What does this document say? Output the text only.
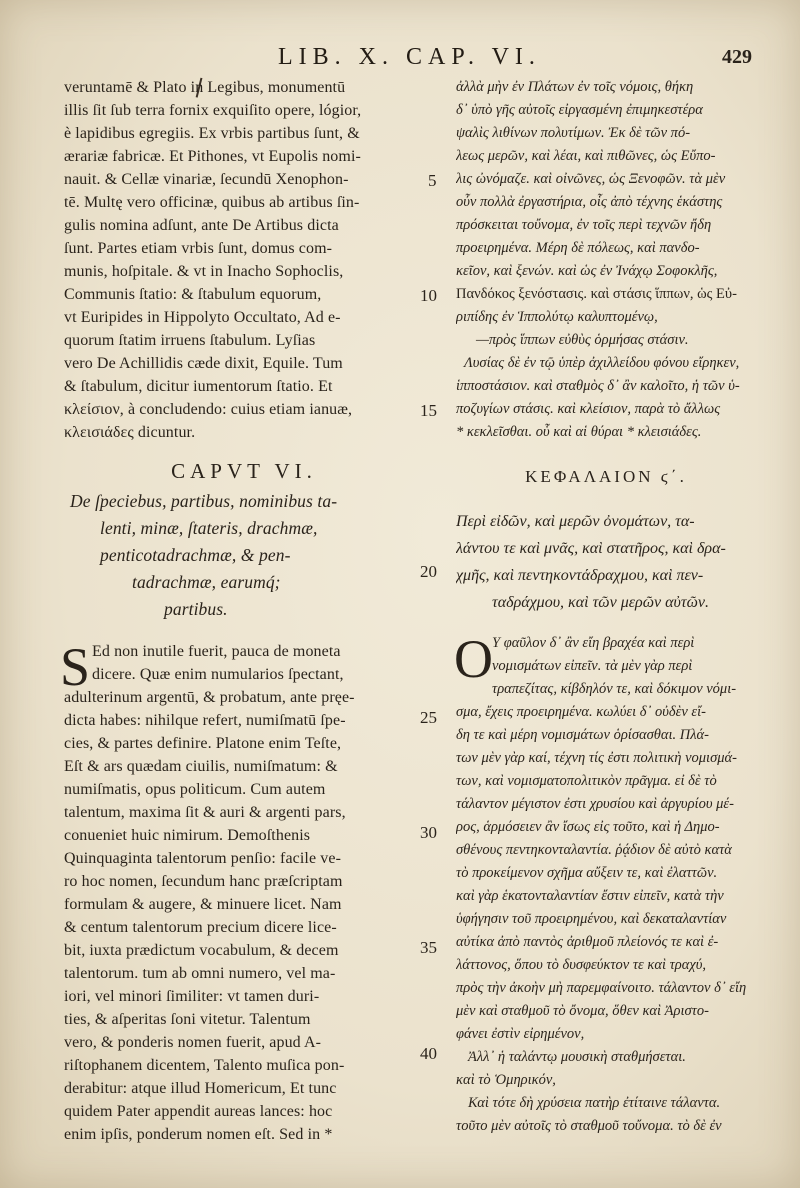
LIB. X. CAP. VI.	429
veruntamē & Plato in Legibus, monumentū
illis ſit ſub terra fornix exquiſito opere, lógior,
è lapidibus egregiis. Ex vrbis partibus ſunt, &
ærariæ fabricæ. Et Pithones, vt Eupolis nomi-
nauit. & Cellæ vinariæ, ſecundū Xenophon-
tē. Multę vero officinæ, quibus ab artibus ſin-
gulis nomina adſunt, ante De Artibus dicta
ſunt. Partes etiam vrbis ſunt, domus com-
munis, hoſpitale. & vt in Inacho Sophoclis,
Communis ſtatio: & ſtabulum equorum,
vt Euripides in Hippolyto Occultato, Ad e-
quorum ſtatim irruens ſtabulum. Lyſias
vero De Achillidis cæde dixit, Equile. Tum
& ſtabulum, dicitur iumentorum ſtatio. Et
κλείσιον, à concludendo: cuius etiam ianuæ,
κλεισιάδες dicuntur.
CAPVT VI.
De ſpeciebus, partibus, nominibus ta-
lenti, minæ, ſtateris, drachmæ,
penticotadrachmæ, & pen-
tadrachmæ, earumq́;
partibus.
S Ed non inutile fuerit, pauca de moneta
dicere. Quæ enim numularios ſpectant,
adulterinum argentū, & probatum, ante pręe-
dicta habes: nihilque refert, numiſmatū ſpe-
cies, & partes definire. Platone enim Teſte,
Eſt & ars quædam ciuilis, numiſmatum: &
numiſmatis, opus politicum. Cum autem
talentum, maxima ſit & auri & argenti pars,
conueniet huic nimirum. Demoſthenis
Quinquaginta talentorum penſio: facile ve-
ro hoc nomen, ſecundum hanc præſcriptam
formulam & augere, & minuere licet. Nam
& centum talentorum precium dicere lice-
bit, iuxta prædictum vocabulum, & decem
talentorum. tum ab omni numero, vel ma-
iori, vel minori ſimiliter: vt tamen duri-
ties, & aſperitas ſoni vitetur. Talentum
vero, & ponderis nomen fuerit, apud A-
riſtophanem dicentem, Talento muſica pon-
derabitur: atque illud Homericum, Et tunc
quidem Pater appendit aureas lances: hoc
enim ipſis, ponderum nomen eſt. Sed in *
5
10
15
20
25
30
35
40
ἀλλὰ μὴν ἐν Πλάτων ἐν τοῖς νόμοις, θήκη
δ᾽ ὑπὸ γῆς αὐτοῖς εἰργασμένη ἐπιμηκεστέρα
ψαλὶς λιθίνων πολυτίμων. Ἐκ δὲ τῶν πό-
λεως μερῶν, καὶ λέαι, καὶ πιθῶνες, ὡς Εὔπο-
λις ὠνόμαζε. καὶ οἰνῶνες, ὡς Ξενοφῶν. τὰ μὲν
οὖν πολλὰ ἐργαστήρια, οἷς ἀπὸ τέχνης ἑκάστης
πρόσκειται τοὔνομα, ἐν τοῖς περὶ τεχνῶν ἤδη
προειρημένα. Μέρη δὲ πόλεως, καὶ πανδο-
κεῖον, καὶ ξενών. καὶ ὡς ἐν Ἰνάχῳ Σοφοκλῆς,
Πανδόκος ξενόστασις. καὶ στάσις ἵππων, ὡς Εὐ-
ριπίδης ἐν Ἱππολύτῳ καλυπτομένῳ,
—πρὸς ἵππων εὐθὺς ὁρμήσας στάσιν.
Λυσίας δὲ ἐν τῷ ὑπὲρ ἀχιλλείδου φόνου εἴρηκεν,
ἱπποστάσιον. καὶ σταθμὸς δ᾽ ἂν καλοῖτο, ἡ τῶν ὑ-
ποζυγίων στάσις. καὶ κλείσιον, παρὰ τὸ ἄλλως
* κεκλεῖσθαι. οὗ καὶ αἱ θύραι * κλεισιάδες.
ΚΕΦΑΛΑΙΟΝ ϛ΄.
Περὶ εἰδῶν, καὶ μερῶν ὀνομάτων, τα-
λάντου τε καὶ μνᾶς, καὶ στατῆρος, καὶ δρα-
χμῆς, καὶ πεντηκοντάδραχμου, καὶ πεν-
ταδράχμου, καὶ τῶν μερῶν αὐτῶν.
Ο Υ φαῦλον δ᾽ ἂν εἴη βραχέα καὶ περὶ
νομισμάτων εἰπεῖν. τὰ μὲν γὰρ περὶ
τραπεζίτας, κίβδηλόν τε, καὶ δόκιμον νόμι-
σμα, ἔχεις προειρημένα. κωλύει δ᾽ οὐδὲν εἴ-
δη τε καὶ μέρη νομισμάτων ὁρίσασθαι. Πλά-
των μὲν γὰρ καί, τέχνη τίς ἐστι πολιτικὴ νομισμά-
των, καὶ νομισματοπολιτικὸν πρᾶγμα. εἰ δὲ τὸ
τάλαντον μέγιστον ἐστι χρυσίου καὶ ἀργυρίου μέ-
ρος, ἁρμόσειεν ἂν ἴσως εἰς τοῦτο, καὶ ἡ Δημο-
σθένους πεντηκονταλαντία. ῥᾴδιον δὲ αὐτὸ κατὰ
τὸ προκείμενον σχῆμα αὔξειν τε, καὶ ἐλαττῶν.
καὶ γὰρ ἑκατονταλαντίαν ἔστιν εἰπεῖν, κατὰ τὴν
ὑφήγησιν τοῦ προειρημένου, καὶ δεκαταλαντίαν
αὐτίκα ἀπὸ παντὸς ἀριθμοῦ πλείονός τε καὶ ἐ-
λάττονος, ὅπου τὸ δυσφεύκτον τε καὶ τραχύ,
πρὸς τὴν ἀκοὴν μὴ παρεμφαίνοιτο. τάλαντον δ᾽ εἴη
μὲν καὶ σταθμοῦ τὸ ὄνομα, ὅθεν καὶ Ἀριστο-
φάνει ἐστὶν εἰρημένον,
Ἀλλ᾽ ἡ ταλάντῳ μουσικὴ σταθμήσεται.
καὶ τὸ Ὁμηρικόν,
Καὶ τότε δὴ χρύσεια πατὴρ ἐτίταινε τάλαντα.
τοῦτο μὲν αὐτοῖς τὸ σταθμοῦ τοὔνομα. τὸ δὲ ἐν
